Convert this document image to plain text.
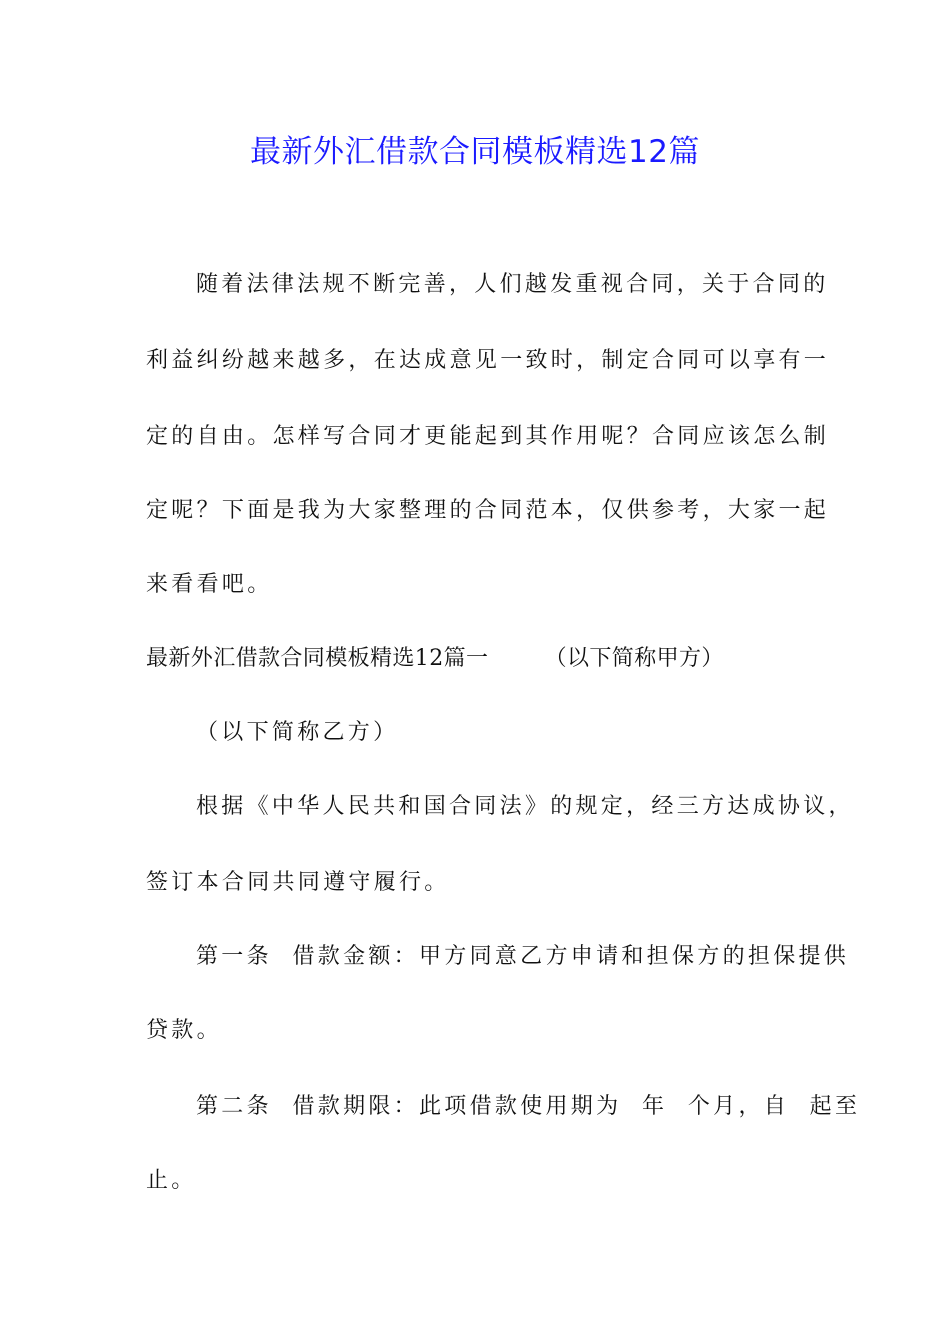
最新外汇借款合同模板精选12篇
随着法律法规不断完善，人们越发重视合同，关于合同的
利益纠纷越来越多，在达成意见一致时，制定合同可以享有一
定的自由。怎样写合同才更能起到其作用呢？合同应该怎么制
定呢？下面是我为大家整理的合同范本，仅供参考，大家一起
来看看吧。
最新外汇借款合同模板精选12篇一　　　（以下简称甲方）
（以下简称乙方）
根据《中华人民共和国合同法》的规定，经三方达成协议，
签订本合同共同遵守履行。
第一条  借款金额：甲方同意乙方申请和担保方的担保提供
贷款。
第二条  借款期限：此项借款使用期为  年  个月，自  起至
止。
